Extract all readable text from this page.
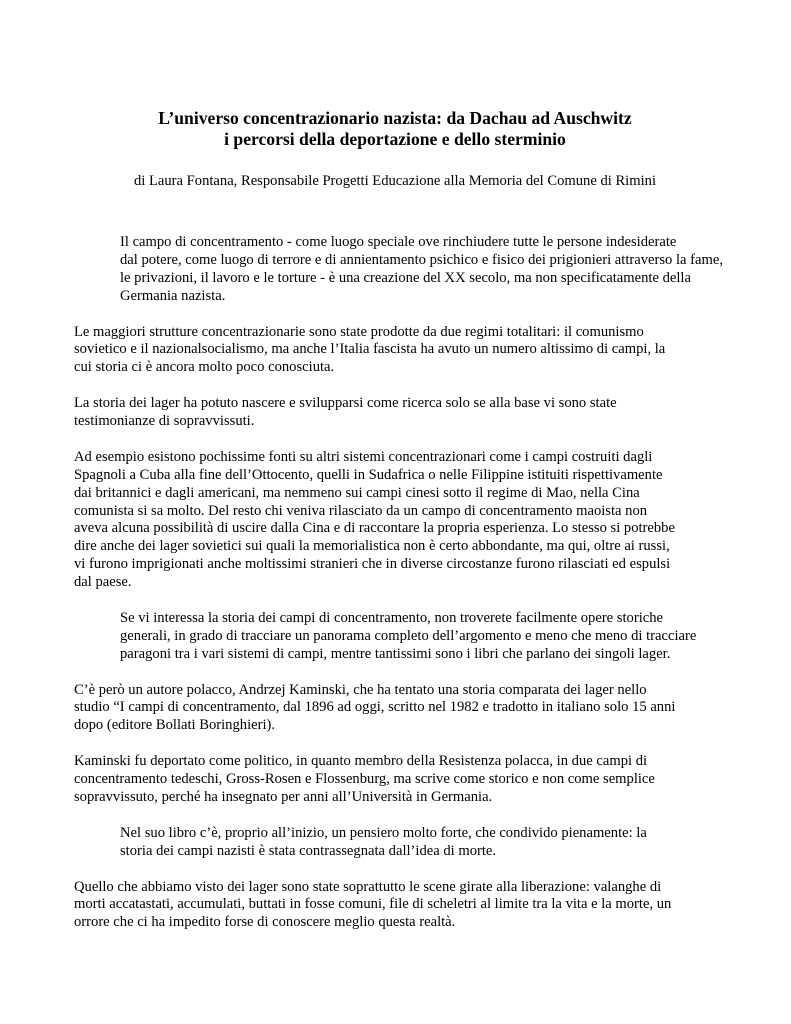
L’universo concentrazionario nazista: da Dachau ad Auschwitz
i percorsi della deportazione e dello sterminio

di Laura Fontana, Responsabile Progetti Educazione alla Memoria del Comune di Rimini

Il campo di concentramento - come luogo speciale ove rinchiudere tutte le persone indesiderate
dal potere, come luogo di terrore e di annientamento psichico e fisico dei prigionieri attraverso la fame,
le privazioni, il lavoro e le torture - è una creazione del XX secolo, ma non specificatamente della
Germania nazista.

Le maggiori strutture concentrazionarie sono state prodotte da due regimi totalitari: il comunismo
sovietico e il nazionalsocialismo, ma anche l’Italia fascista ha avuto un numero altissimo di campi, la
cui storia ci è ancora molto poco conosciuta.

La storia dei lager ha potuto nascere e svilupparsi come ricerca solo se alla base vi sono state
testimonianze di sopravvissuti.

Ad esempio esistono pochissime fonti su altri sistemi concentrazionari come i campi costruiti dagli
Spagnoli a Cuba alla fine dell’Ottocento, quelli in Sudafrica o nelle Filippine istituiti rispettivamente
dai britannici e dagli americani, ma nemmeno sui campi cinesi sotto il regime di Mao, nella Cina
comunista si sa molto. Del resto chi veniva rilasciato da un campo di concentramento maoista non
aveva alcuna possibilità di uscire dalla Cina e di raccontare la propria esperienza. Lo stesso si potrebbe
dire anche dei lager sovietici sui quali la memorialistica non è certo abbondante, ma qui, oltre ai russi,
vi furono imprigionati anche moltissimi stranieri che in diverse circostanze furono rilasciati ed espulsi
dal paese.

Se vi interessa la storia dei campi di concentramento, non troverete facilmente opere storiche
generali, in grado di tracciare un panorama completo dell’argomento e meno che meno di tracciare
paragoni tra i vari sistemi di campi, mentre tantissimi sono i libri che parlano dei singoli lager.

C’è però un autore polacco, Andrzej Kaminski, che ha tentato una storia comparata dei lager nello
studio “I campi di concentramento, dal 1896 ad oggi, scritto nel 1982 e tradotto in italiano solo 15 anni
dopo (editore Bollati Boringhieri).

Kaminski fu deportato come politico, in quanto membro della Resistenza polacca, in due campi di
concentramento tedeschi, Gross-Rosen e Flossenburg, ma scrive come storico e non come semplice
sopravvissuto, perché ha insegnato per anni all’Università in Germania.

Nel suo libro c’è, proprio all’inizio, un pensiero molto forte, che condivido pienamente: la
storia dei campi nazisti è stata contrassegnata dall’idea di morte.

Quello che abbiamo visto dei lager sono state soprattutto le scene girate alla liberazione: valanghe di
morti accatastati, accumulati, buttati in fosse comuni, file di scheletri al limite tra la vita e la morte, un
orrore che ci ha impedito forse di conoscere meglio questa realtà.
